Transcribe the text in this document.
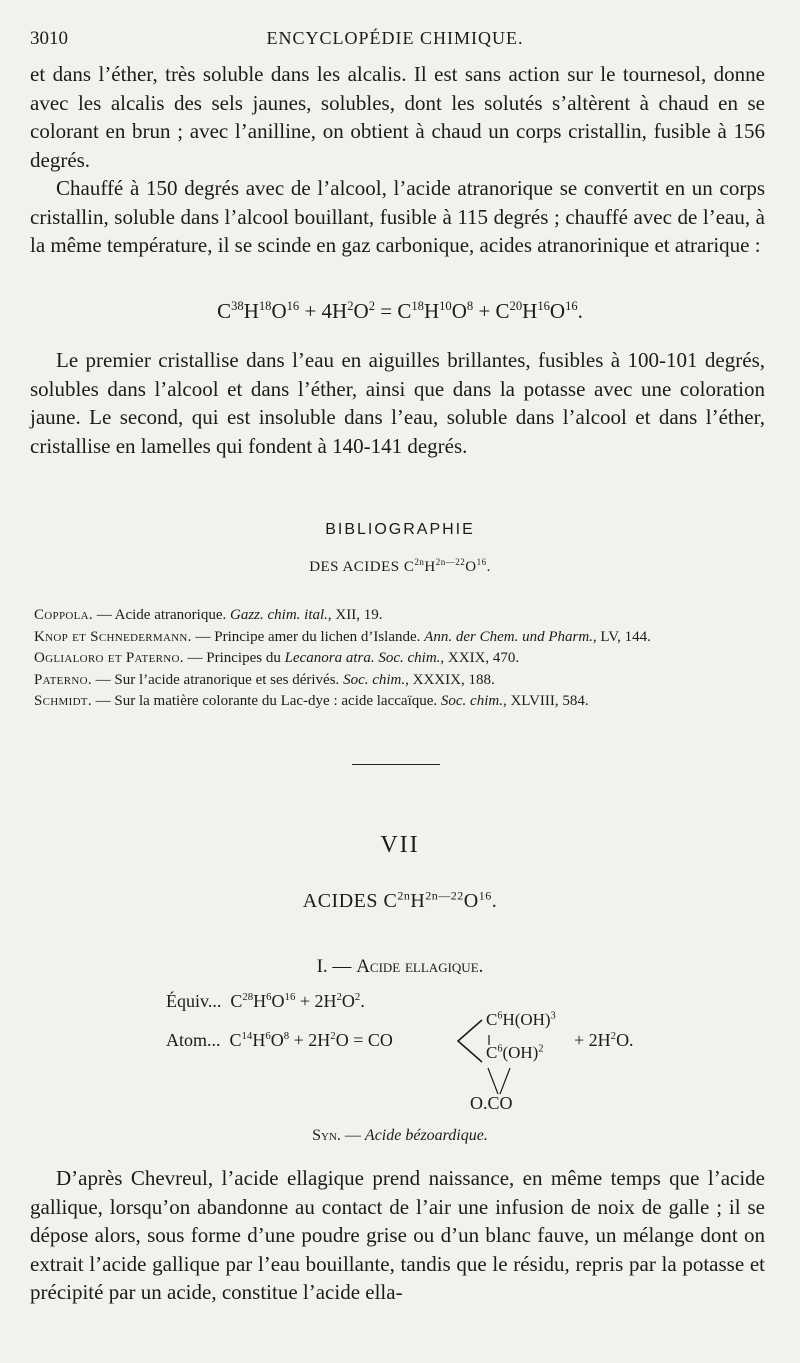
3010	ENCYCLOPÉDIE CHIMIQUE.

et dans l’éther, très soluble dans les alcalis. Il est sans action sur le tournesol, donne avec les alcalis des sels jaunes, solubles, dont les solutés s’altèrent à chaud en se colorant en brun ; avec l’anilline, on obtient à chaud un corps cristallin, fusible à 156 degrés.

Chauffé à 150 degrés avec de l’alcool, l’acide atranorique se convertit en un corps cristallin, soluble dans l’alcool bouillant, fusible à 115 degrés ; chauffé avec de l’eau, à la même température, il se scinde en gaz carbonique, acides atranorinique et atrarique :

$C^{38}H^{18}O^{16} + 4H^2O^2 = C^{18}H^{10}O^8 + C^{20}H^{16}O^{16}$.

Le premier cristallise dans l’eau en aiguilles brillantes, fusibles à 100-101 degrés, solubles dans l’alcool et dans l’éther, ainsi que dans la potasse avec une coloration jaune. Le second, qui est insoluble dans l’eau, soluble dans l’alcool et dans l’éther, cristallise en lamelles qui fondent à 140-141 degrés.

BIBLIOGRAPHIE
DES ACIDES $C^{2n}H^{2n—22}O^{16}$.

Coppola. — Acide atranorique. Gazz. chim. ital., XII, 19.

Knop et Schnedermann. — Principe amer du lichen d’Islande. Ann. der Chem. und Pharm., LV, 144.

Oglialoro et Paterno. — Principes du Lecanora atra. Soc. chim., XXIX, 470.

Paterno. — Sur l’acide atranorique et ses dérivés. Soc. chim., XXXIX, 188.

Schmidt. — Sur la matière colorante du Lac-dye : acide laccaïque. Soc. chim., XLVIII, 584.

VII
ACIDES $C^{2n}H^{2n—22}O^{16}$.
I. — Acide ellagique.
Équiv... $C^{28}H^6O^{16} + 2H^2O^2$.
Atom... $C^{14}H^6O^8 + 2H^2O$ = CO
$C^6H(OH)^3$
$C^6(OH)^2 + 2H^2O$.
O.CO
Syn. — Acide bézoardique.

D’après Chevreul, l’acide ellagique prend naissance, en même temps que l’acide gallique, lorsqu’on abandonne au contact de l’air une infusion de noix de galle ; il se dépose alors, sous forme d’une poudre grise ou d’un blanc fauve, un mélange dont on extrait l’acide gallique par l’eau bouillante, tandis que le résidu, repris par la potasse et précipité par un acide, constitue l’acide ella-
